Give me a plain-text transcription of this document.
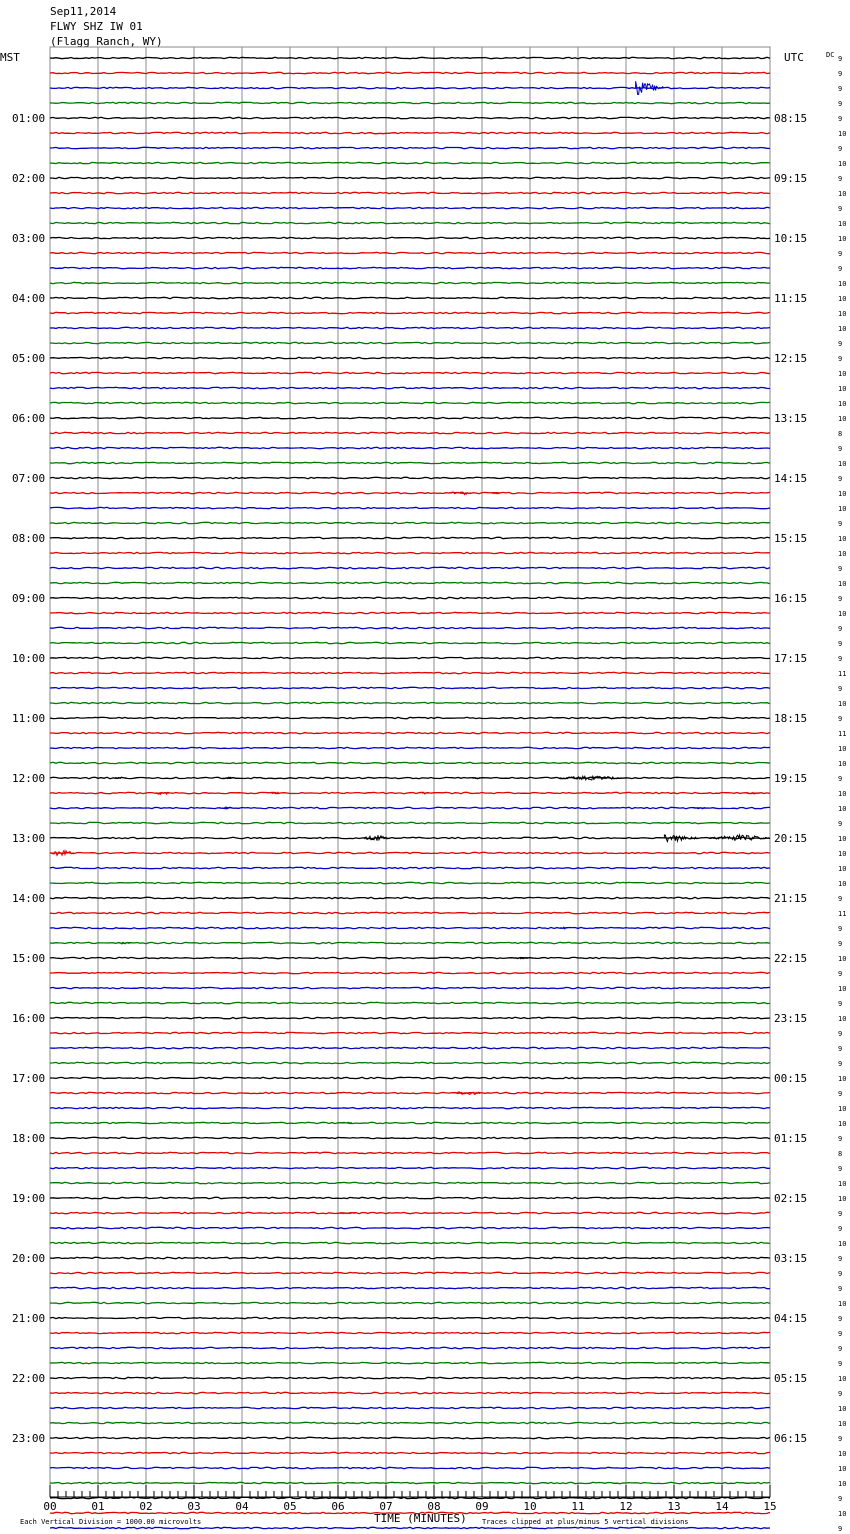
Sep11,2014
FLWY SHZ IW 01
(Flagg Ranch, WY)
9
9
9
9
9
10
9
10
9
10
9
10
10
9
9
10
10
10
10
9
9
10
10
10
10
8
9
10
9
10
10
9
10
10
9
10
9
10
9
9
9
11
9
10
9
11
10
10
9
10
10
9
10
10
10
10
9
11
9
9
10
9
10
9
10
9
9
9
10
9
10
10
9
8
9
10
10
9
9
10
9
9
9
10
9
9
9
9
10
9
10
10
9
10
10
10
9
10
9
01:00
02:00
03:00
04:00
05:00
06:00
07:00
08:00
09:00
10:00
11:00
12:00
13:00
14:00
15:00
16:00
17:00
18:00
19:00
20:00
21:00
22:00
23:00
08:15
09:15
10:15
11:15
12:15
13:15
14:15
15:15
16:15
17:15
18:15
19:15
20:15
21:15
22:15
23:15
00:15
01:15
02:15
03:15
04:15
05:15
06:15
00	01	02	03	04	05	06	07	08	09	10	11	12	13	14	15
MST	UTC	DC
TIME (MINUTES)
Each Vertical Division = 1000.00 microvolts	Traces clipped at plus/minus 5 vertical divisions
